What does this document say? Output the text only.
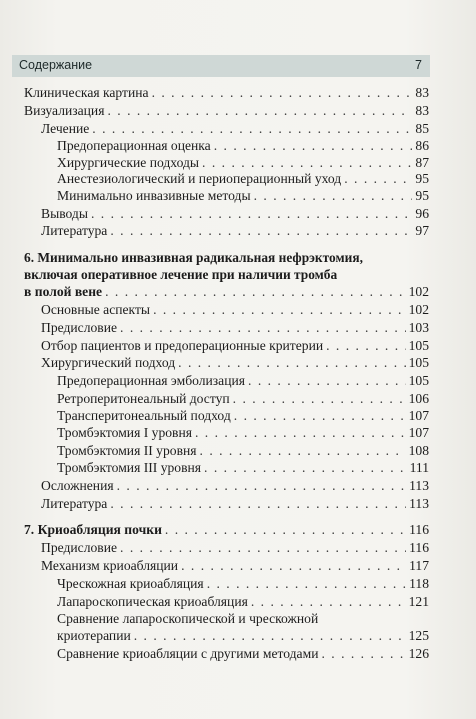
Содержание	7
Клиническая картина . . .	83
Визуализация . . .	83
Лечение . . .	85
Предоперационная оценка . . .	86
Хирургические подходы . . .	87
Анестезиологический и периоперационный уход . . .	95
Минимально инвазивные методы . . .	95
Выводы . . .	96
Литература . . .	97
6. Минимально инвазивная радикальная нефрэктомия,
включая оперативное лечение при наличии тромба
в полой вене . . .	102
Основные аспекты . . .	102
Предисловие . . .	103
Отбор пациентов и предоперационные критерии . . .	105
Хирургический подход . . .	105
Предоперационная эмболизация . . .	105
Ретроперитонеальный доступ . . .	106
Трансперитонеальный подход . . .	107
Тромбэктомия I уровня . . .	107
Тромбэктомия II уровня . . .	108
Тромбэктомия III уровня . . .	111
Осложнения . . .	113
Литература . . .	113
7. Криоабляция почки . . .	116
Предисловие . . .	116
Механизм криоабляции . . .	117
Чрескожная криоабляция . . .	118
Лапароскопическая криоабляция . . .	121
Сравнение лапароскопической и чрескожной
криотерапии . . .	125
Сравнение криоабляции с другими методами . . .	126
